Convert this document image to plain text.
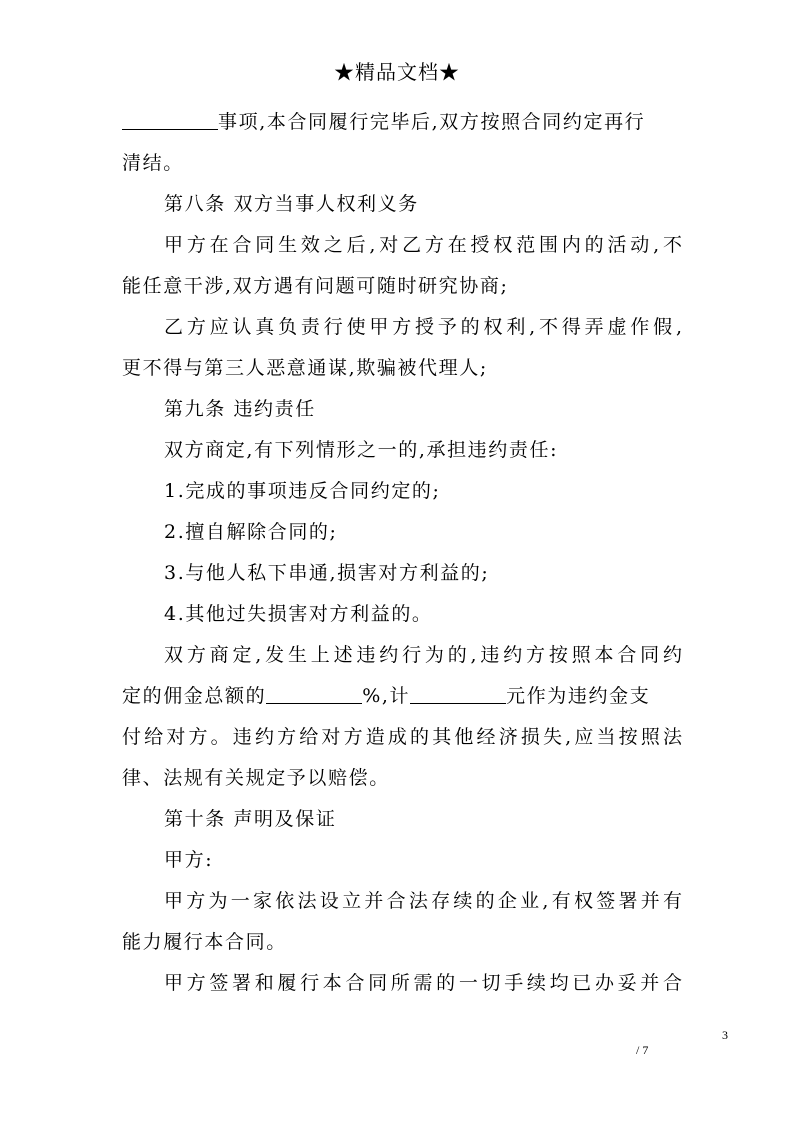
★精品文档★
事项,本合同履行完毕后,双方按照合同约定再行
清结。
第八条 双方当事人权利义务
甲方在合同生效之后,对乙方在授权范围内的活动,不
能任意干涉,双方遇有问题可随时研究协商;
乙方应认真负责行使甲方授予的权利,不得弄虚作假,
更不得与第三人恶意通谋,欺骗被代理人;
第九条 违约责任
双方商定,有下列情形之一的,承担违约责任:
1.完成的事项违反合同约定的;
2.擅自解除合同的;
3.与他人私下串通,损害对方利益的;
4.其他过失损害对方利益的。
双方商定,发生上述违约行为的,违约方按照本合同约
定的佣金总额的	%,计	元作为违约金支
付给对方。违约方给对方造成的其他经济损失,应当按照法
律、法规有关规定予以赔偿。
第十条 声明及保证
甲方:
甲方为一家依法设立并合法存续的企业,有权签署并有
能力履行本合同。
甲方签署和履行本合同所需的一切手续均已办妥并合
3
/ 7
